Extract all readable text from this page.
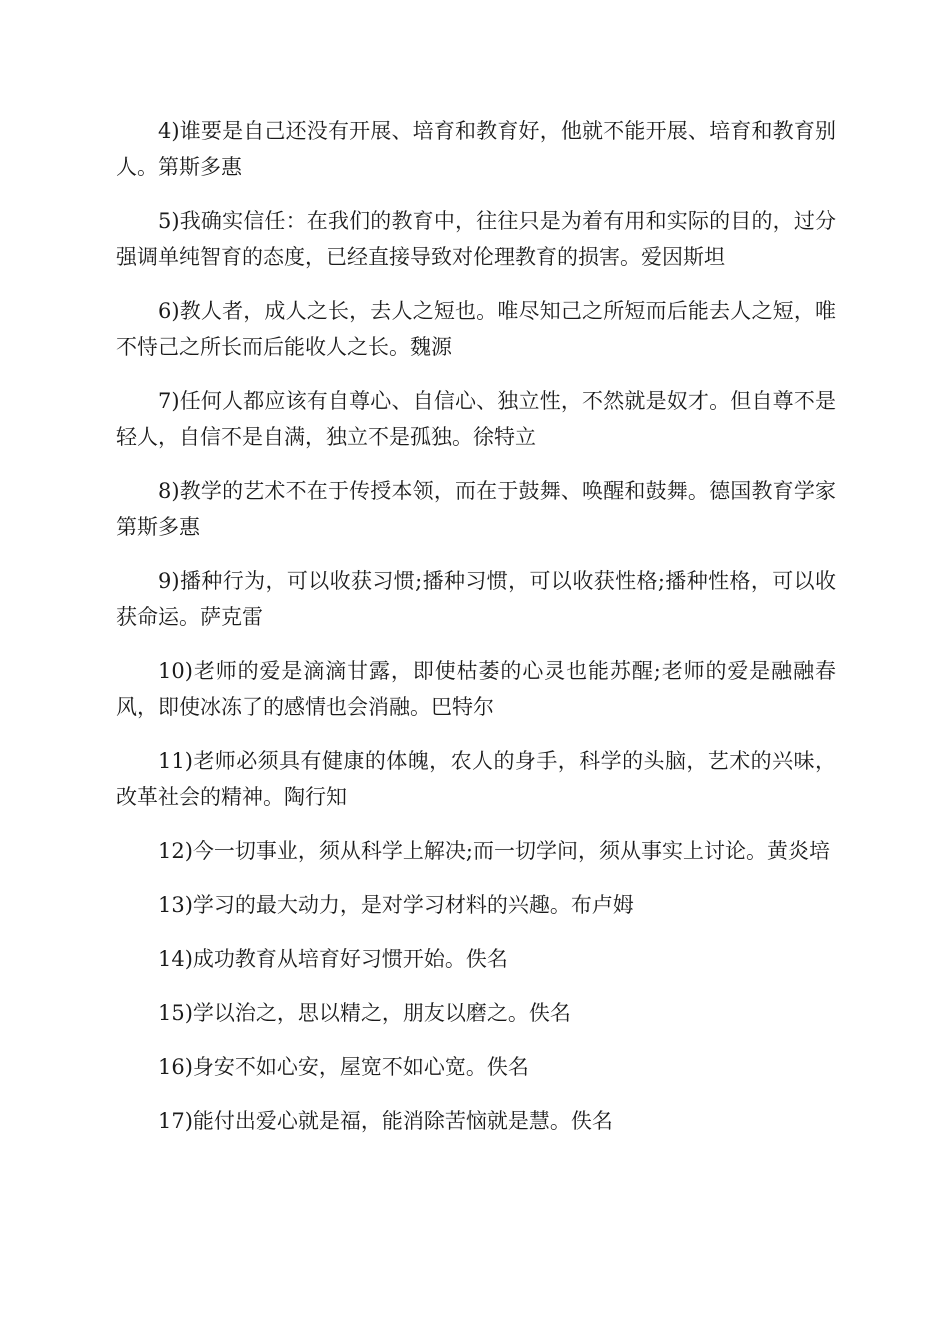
4)谁要是自己还没有开展、培育和教育好，他就不能开展、培育和教育别人。第斯多惠

5)我确实信任：在我们的教育中，往往只是为着有用和实际的目的，过分强调单纯智育的态度，已经直接导致对伦理教育的损害。爱因斯坦

6)教人者，成人之长，去人之短也。唯尽知己之所短而后能去人之短，唯不恃己之所长而后能收人之长。魏源

7)任何人都应该有自尊心、自信心、独立性，不然就是奴才。但自尊不是轻人，自信不是自满，独立不是孤独。徐特立

8)教学的艺术不在于传授本领，而在于鼓舞、唤醒和鼓舞。德国教育学家第斯多惠

9)播种行为，可以收获习惯;播种习惯，可以收获性格;播种性格，可以收获命运。萨克雷

10)老师的爱是滴滴甘露，即使枯萎的心灵也能苏醒;老师的爱是融融春风，即使冰冻了的感情也会消融。巴特尔

11)老师必须具有健康的体魄，农人的身手，科学的头脑，艺术的兴味，改革社会的精神。陶行知

12)今一切事业，须从科学上解决;而一切学问，须从事实上讨论。黄炎培

13)学习的最大动力，是对学习材料的兴趣。布卢姆

14)成功教育从培育好习惯开始。佚名

15)学以治之，思以精之，朋友以磨之。佚名

16)身安不如心安，屋宽不如心宽。佚名

17)能付出爱心就是福，能消除苦恼就是慧。佚名
